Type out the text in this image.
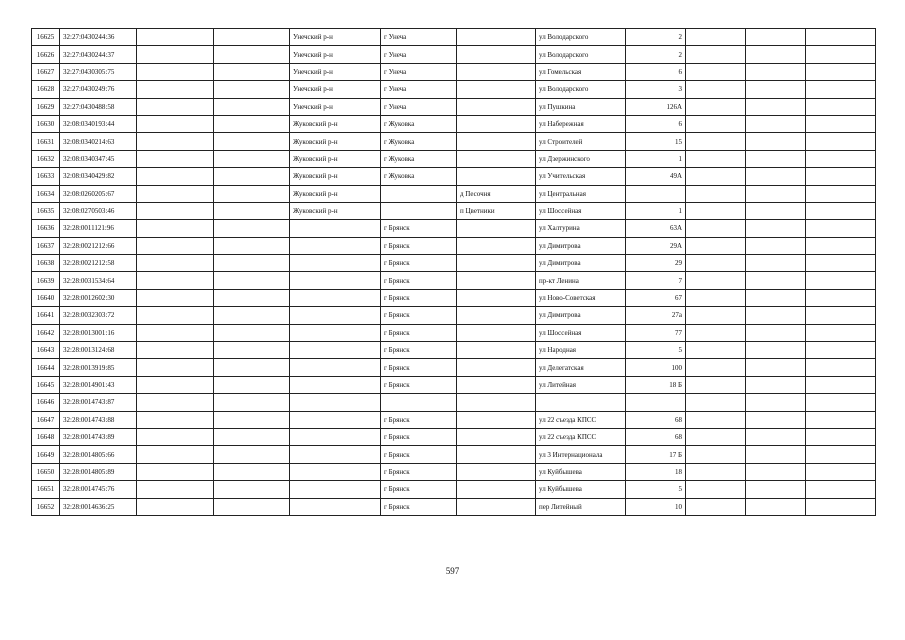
16625	32:27:0430244:36			Унечский р-н	г Унеча		ул Володарского	2			
16626	32:27:0430244:37			Унечский р-н	г Унеча		ул Володарского	2			
16627	32:27:0430305:75			Унечский р-н	г Унеча		ул Гомельская	6			
16628	32:27:0430249:76			Унечский р-н	г Унеча		ул Володарского	3			
16629	32:27:0430488:58			Унечский р-н	г Унеча		ул Пушкина	126А			
16630	32:08:0340193:44			Жуковский р-н	г Жуковка		ул Набережная	6			
16631	32:08:0340214:63			Жуковский р-н	г Жуковка		ул Строителей	15			
16632	32:08:0340347:45			Жуковский р-н	г Жуковка		ул Дзержинского	1			
16633	32:08:0340429:82			Жуковский р-н	г Жуковка		ул Учительская	49А			
16634	32:08:0260205:67			Жуковский р-н		д Песочня	ул Центральная				
16635	32:08:0270503:46			Жуковский р-н		п Цветники	ул Шоссейная	1			
16636	32:28:0011121:96				г Брянск		ул Халтурина	63А			
16637	32:28:0021212:66				г Брянск		ул Димитрова	29А			
16638	32:28:0021212:58				г Брянск		ул Димитрова	29			
16639	32:28:0031534:64				г Брянск		пр-кт Ленина	7			
16640	32:28:0012602:30				г Брянск		ул Ново-Советская	67			
16641	32:28:0032303:72				г Брянск		ул Димитрова	27а			
16642	32:28:0013001:16				г Брянск		ул Шоссейная	77			
16643	32:28:0013124:68				г Брянск		ул Народная	5			
16644	32:28:0013919:85				г Брянск		ул Делегатская	100			
16645	32:28:0014901:43				г Брянск		ул Литейная	18 Б			
16646	32:28:0014743:87										
16647	32:28:0014743:88				г Брянск		ул 22 съезда КПСС	68			
16648	32:28:0014743:89				г Брянск		ул 22 съезда КПСС	68			
16649	32:28:0014805:66				г Брянск		ул 3 Интернационала	17 Б			
16650	32:28:0014805:89				г Брянск		ул Куйбышева	18			
16651	32:28:0014745:76				г Брянск		ул Куйбышева	5			
16652	32:28:0014636:25				г Брянск		пер Литейный	10			
597
